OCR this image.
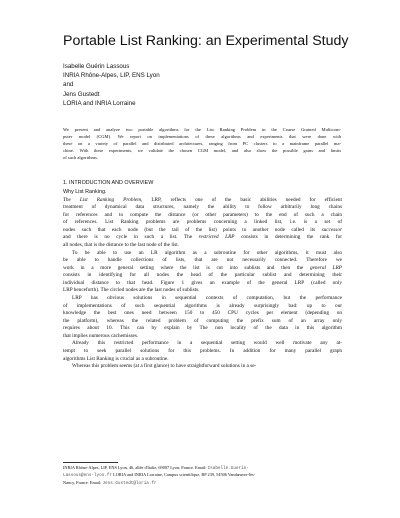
Portable List Ranking: an Experimental Study
Isabelle Guérin Lassous
INRIA Rhône-Alpes, LIP, ENS Lyon
and
Jens Gustedt
LORIA and INRIA Lorraine
We present and analyze two portable algorithms for the List Ranking Problem in the Coarse Grained Multicom-
puter model (CGM). We report on implementations of these algorithms and experiments that were done with
these on a variety of parallel and distributed architectures, ranging from PC clusters to a mainframe parallel ma-
chine. With these experiments, we validate the chosen CGM model, and also show the possible gains and limits
of such algorithms.
1. INTRODUCTION AND OVERVIEW
Why List Ranking.
The List Ranking Problem, LRP, reflects one of the basic abilities needed for efficient
treatment of dynamical data structures, namely the ability to follow arbitrarily long chains
for references and to compute the distance (or other parameters) to the end of such a chain
of references. List Ranking problems are problems concerning a linked list, i.e. is a set of
nodes such that each node (but the tail of the list) points to another node called its successor
and there is no cycle in such a list. The restricted LRP consists in determining the rank for
all nodes, that is the distance to the last node of the list.
To be able to use an LR algorithm as a subroutine for other algorithms, it must also
be able to handle collections of lists, that are not necessarily connected. Therefore we
work in a more general setting where the list is cut into sublists and then the general LRP
consists in identifying for all nodes the head of the particular sublist and determining their
individual distance to that head. Figure 1 gives an example of the general LRP (called only
LRP henceforth). The circled nodes are the last nodes of sublists.
LRP has obvious solutions in sequential contexts of computation, but the performance
of implementations of such sequential algorithms is already surprisingly bad: up to our
knowledge the best ones need between 150 to 450 CPU cycles per element (depending on
the platform), whereas the related problem of computing the prefix sum of an array only
requires about 10. This can by explain by The non locality of the data in this algorithm
that implies numerous cachemisses.
Already this restricted performance in a sequential setting would well motivate any at-
tempt to seek parallel solutions for this problems. In addition for many parallel graph
algorithms List Ranking is crucial as a subroutine.
Whereas this problem seems (at a first glance) to have straightforward solutions in a se-
INRIA Rhône-Alpes, LIP, ENS Lyon, 46, allée d'Italie, 69007 Lyon, France. Email: Isabelle.Guerin-
Lassous@ens-lyon.fr LORIA and INRIA Lorraine, Campus scientifique, BP 239, 54506 Vandœuvre-lès-
Nancy, France. Email: Jens.Gustedt@loria.fr
